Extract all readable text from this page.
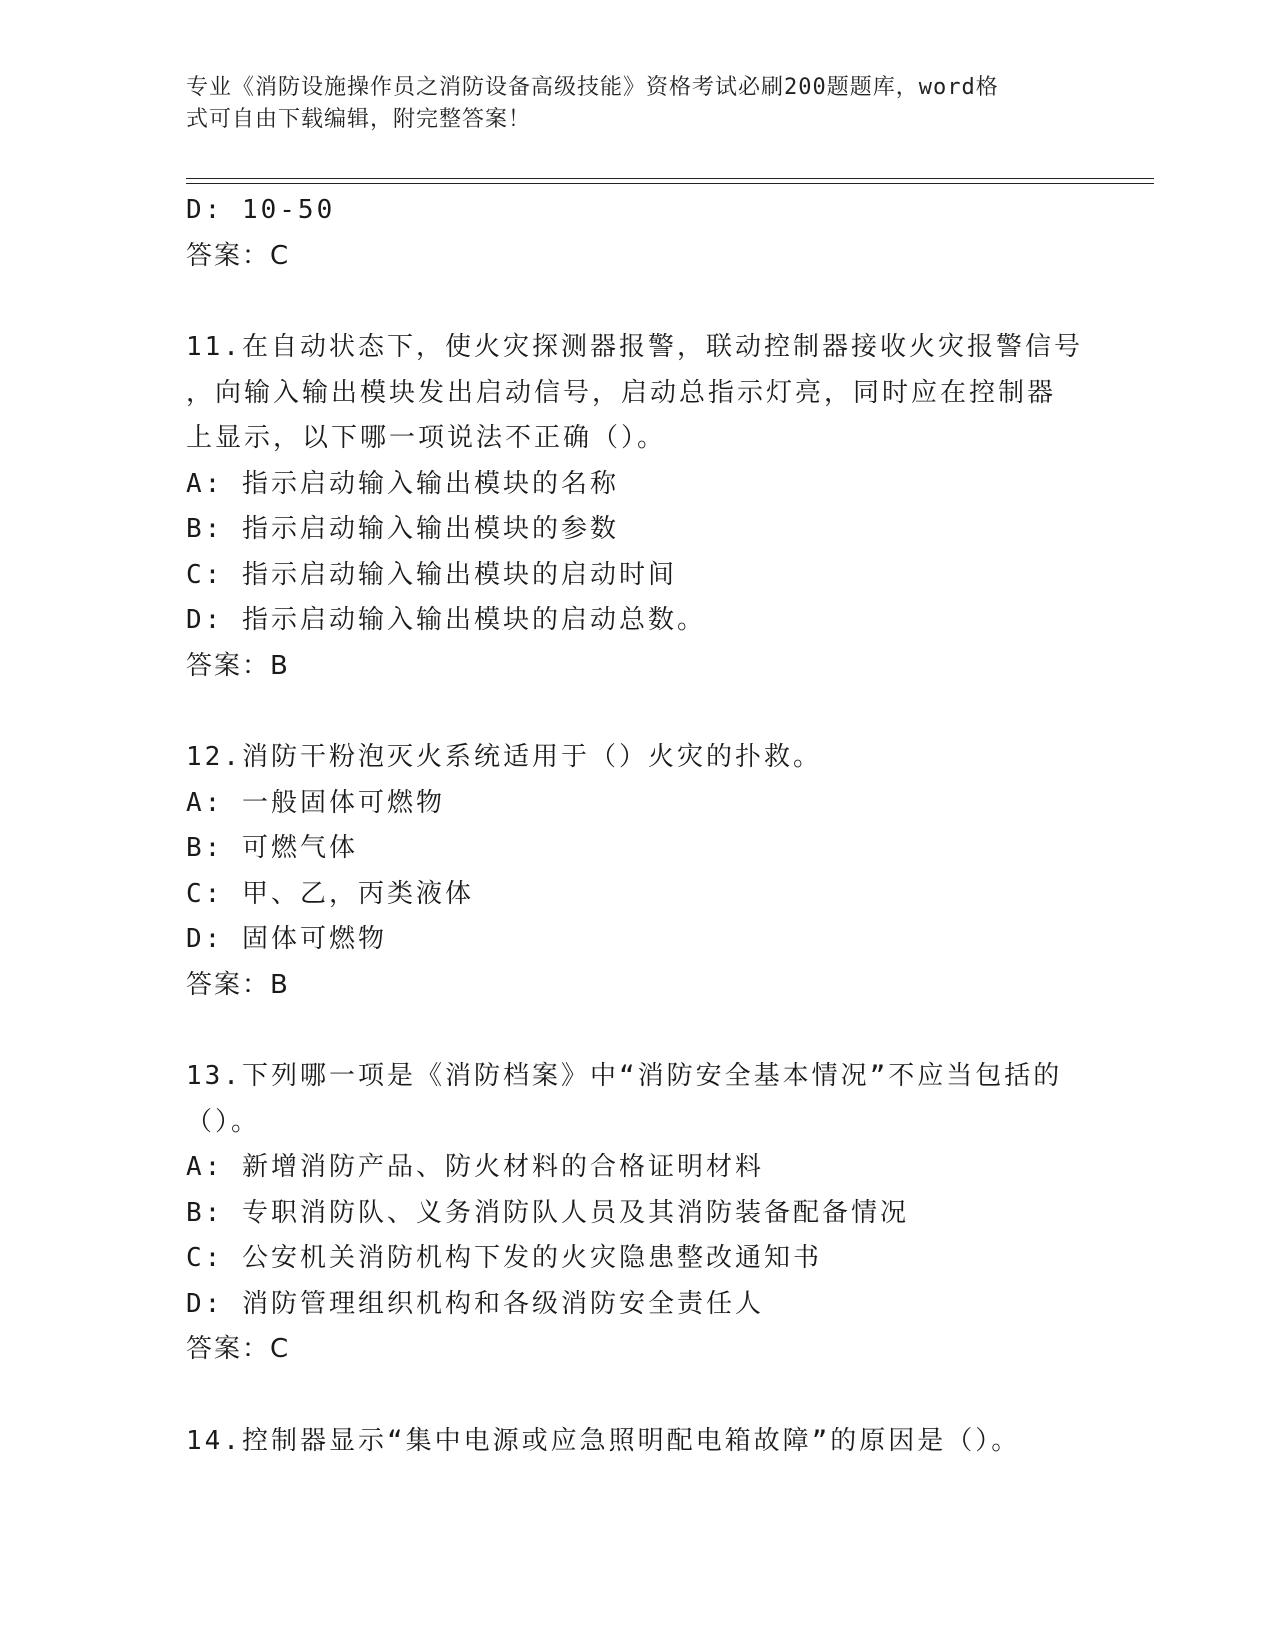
专业《消防设施操作员之消防设备高级技能》资格考试必刷200题题库，word格
式可自由下载编辑，附完整答案！
D: 10-50
答案：C
11.在自动状态下，使火灾探测器报警，联动控制器接收火灾报警信号
，向输入输出模块发出启动信号，启动总指示灯亮，同时应在控制器
上显示，以下哪一项说法不正确（）。
A: 指示启动输入输出模块的名称
B: 指示启动输入输出模块的参数
C: 指示启动输入输出模块的启动时间
D: 指示启动输入输出模块的启动总数。
答案：B
12.消防干粉泡灭火系统适用于（）火灾的扑救。
A: 一般固体可燃物
B: 可燃气体
C: 甲、乙，丙类液体
D: 固体可燃物
答案：B
13.下列哪一项是《消防档案》中“消防安全基本情况”不应当包括的
（）。
A: 新增消防产品、防火材料的合格证明材料
B: 专职消防队、义务消防队人员及其消防装备配备情况
C: 公安机关消防机构下发的火灾隐患整改通知书
D: 消防管理组织机构和各级消防安全责任人
答案：C
14.控制器显示“集中电源或应急照明配电箱故障”的原因是（）。
